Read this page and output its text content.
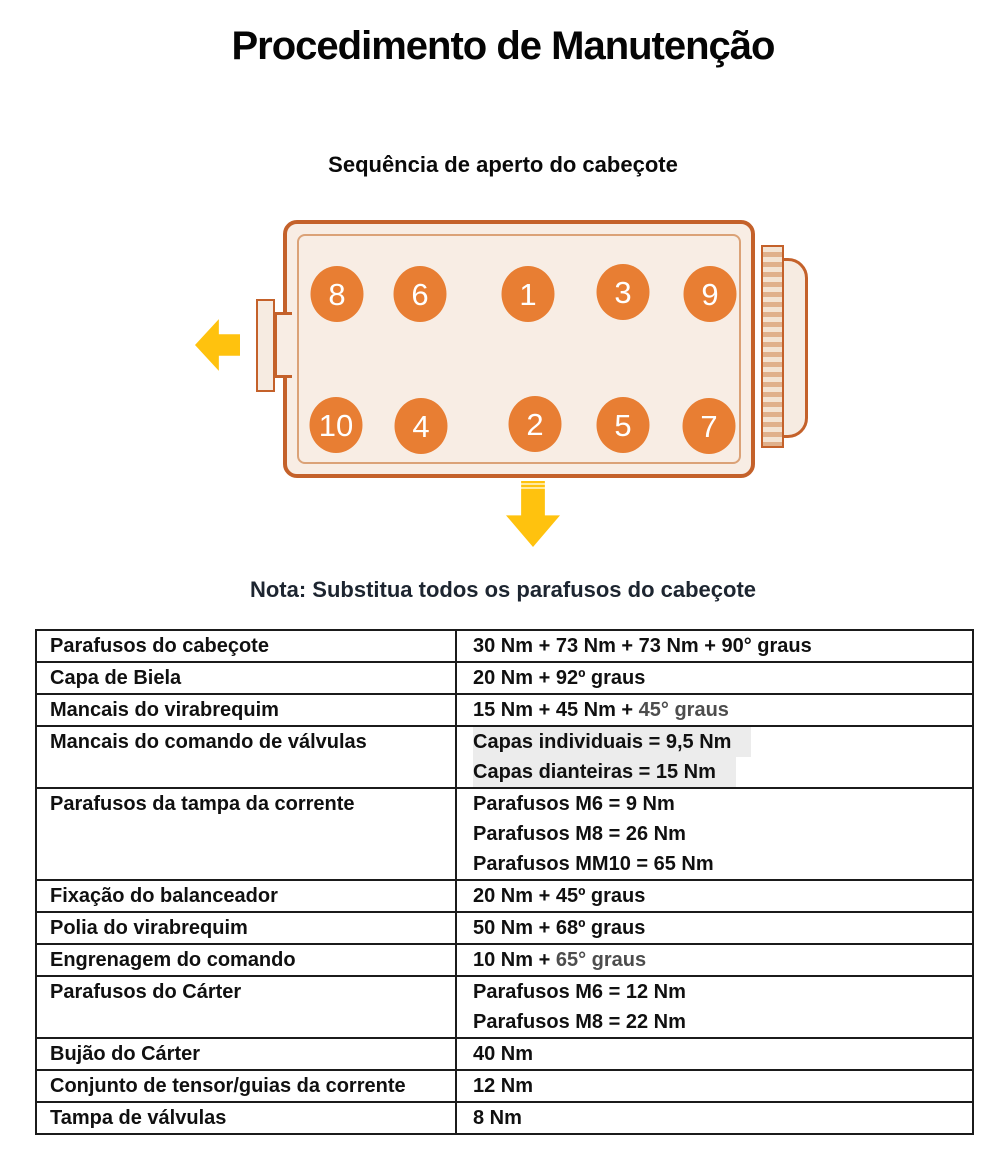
Procedimento de Manutenção
Sequência de aperto do cabeçote
8	6	1	3	9
10	4	2	5	7
Nota: Substitua todos os parafusos do cabeçote
Parafusos do cabeçote	30 Nm + 73 Nm + 73 Nm + 90° graus

Capa de Biela	20 Nm + 92º graus

Mancais do virabrequim	15 Nm + 45 Nm + 45° graus

Mancais do comando de válvulas	Capas individuais = 9,5 Nm
Capas dianteiras = 15 Nm

Parafusos da tampa da corrente	Parafusos M6 = 9 Nm
Parafusos M8 = 26 Nm
Parafusos MM10 = 65 Nm

Fixação do balanceador	20 Nm + 45º graus

Polia do virabrequim	50 Nm + 68º graus

Engrenagem do comando	10 Nm + 65° graus

Parafusos do Cárter	Parafusos M6 = 12 Nm
Parafusos M8 = 22 Nm

Bujão do Cárter	40 Nm

Conjunto de tensor/guias da corrente	12 Nm

Tampa de válvulas	8 Nm
